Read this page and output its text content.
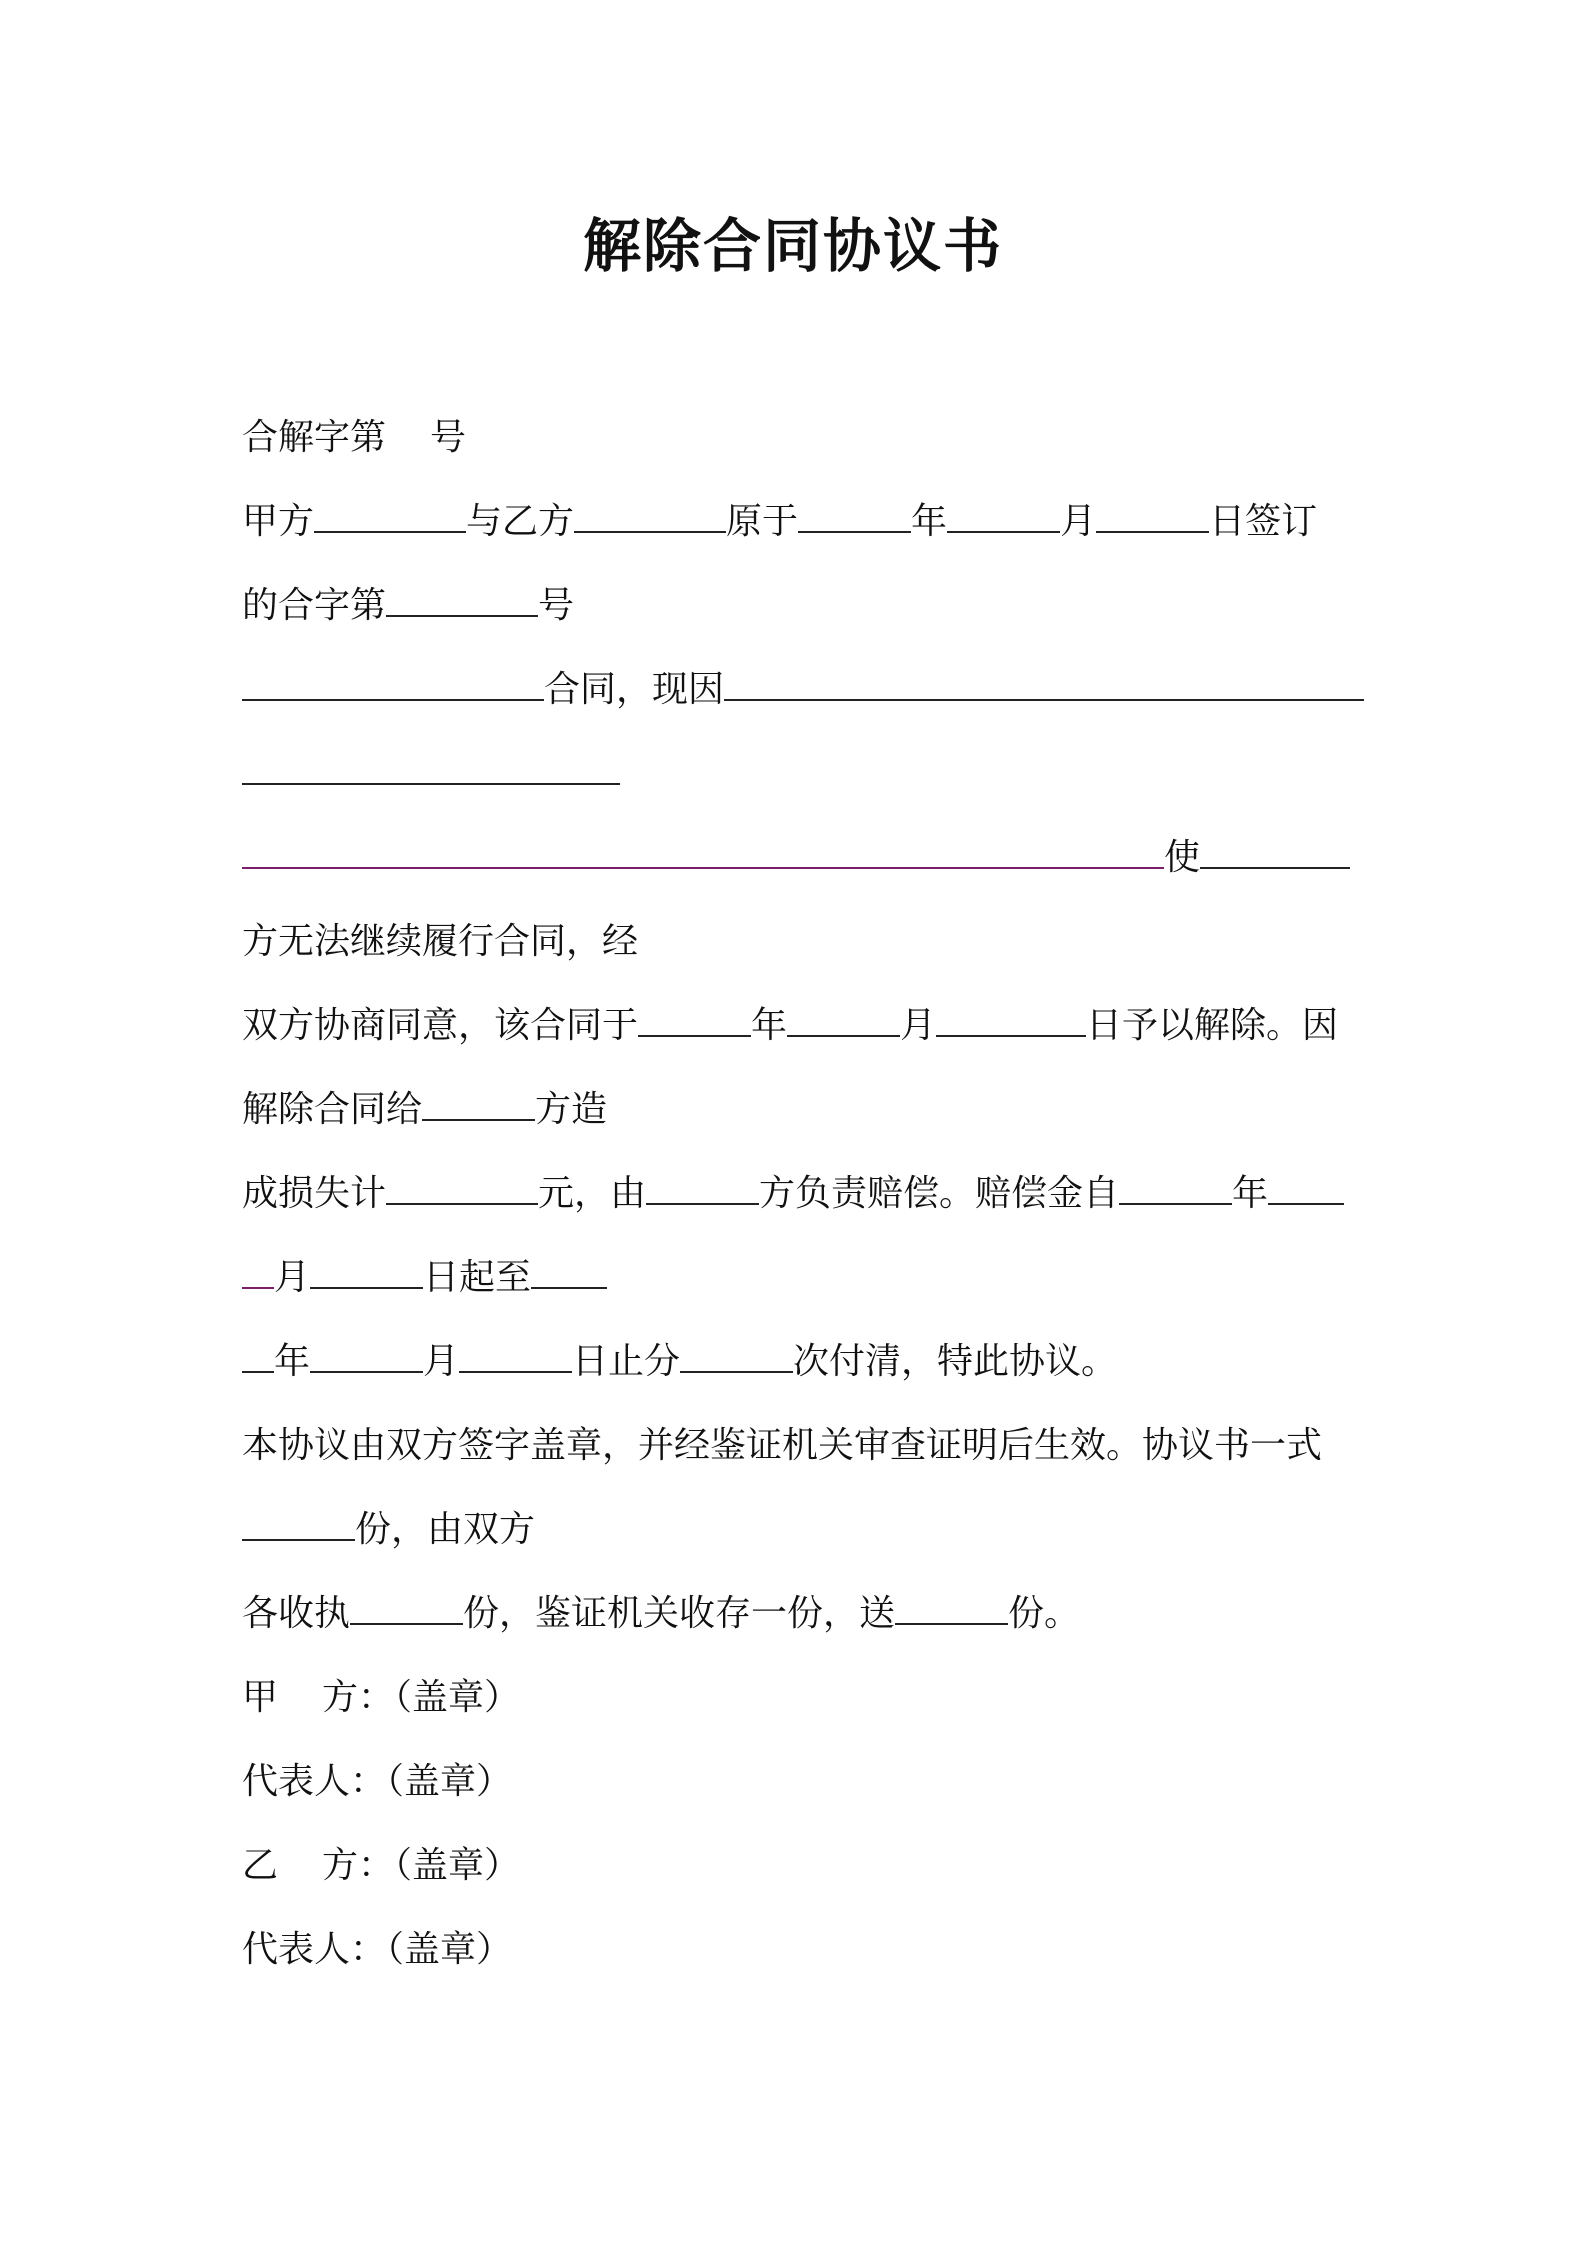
解除合同协议书
合解字第 号
甲方	与乙方	原于	年	月	日签订
的合字第	号
合同，现因
使
方无法继续履行合同，经
双方协商同意，该合同于	年	月	日予以解除。因
解除合同给	方造
成损失计	元，由	方负责赔偿。赔偿金自	年
月	日起至
年	月	日止分	次付清，特此协议。
本协议由双方签字盖章，并经鉴证机关审查证明后生效。协议书一式
份，由双方
各收执	份，鉴证机关收存一份，送	份。
甲 方：（盖章）
代表人：（盖章）
乙 方：（盖章）
代表人：（盖章）
